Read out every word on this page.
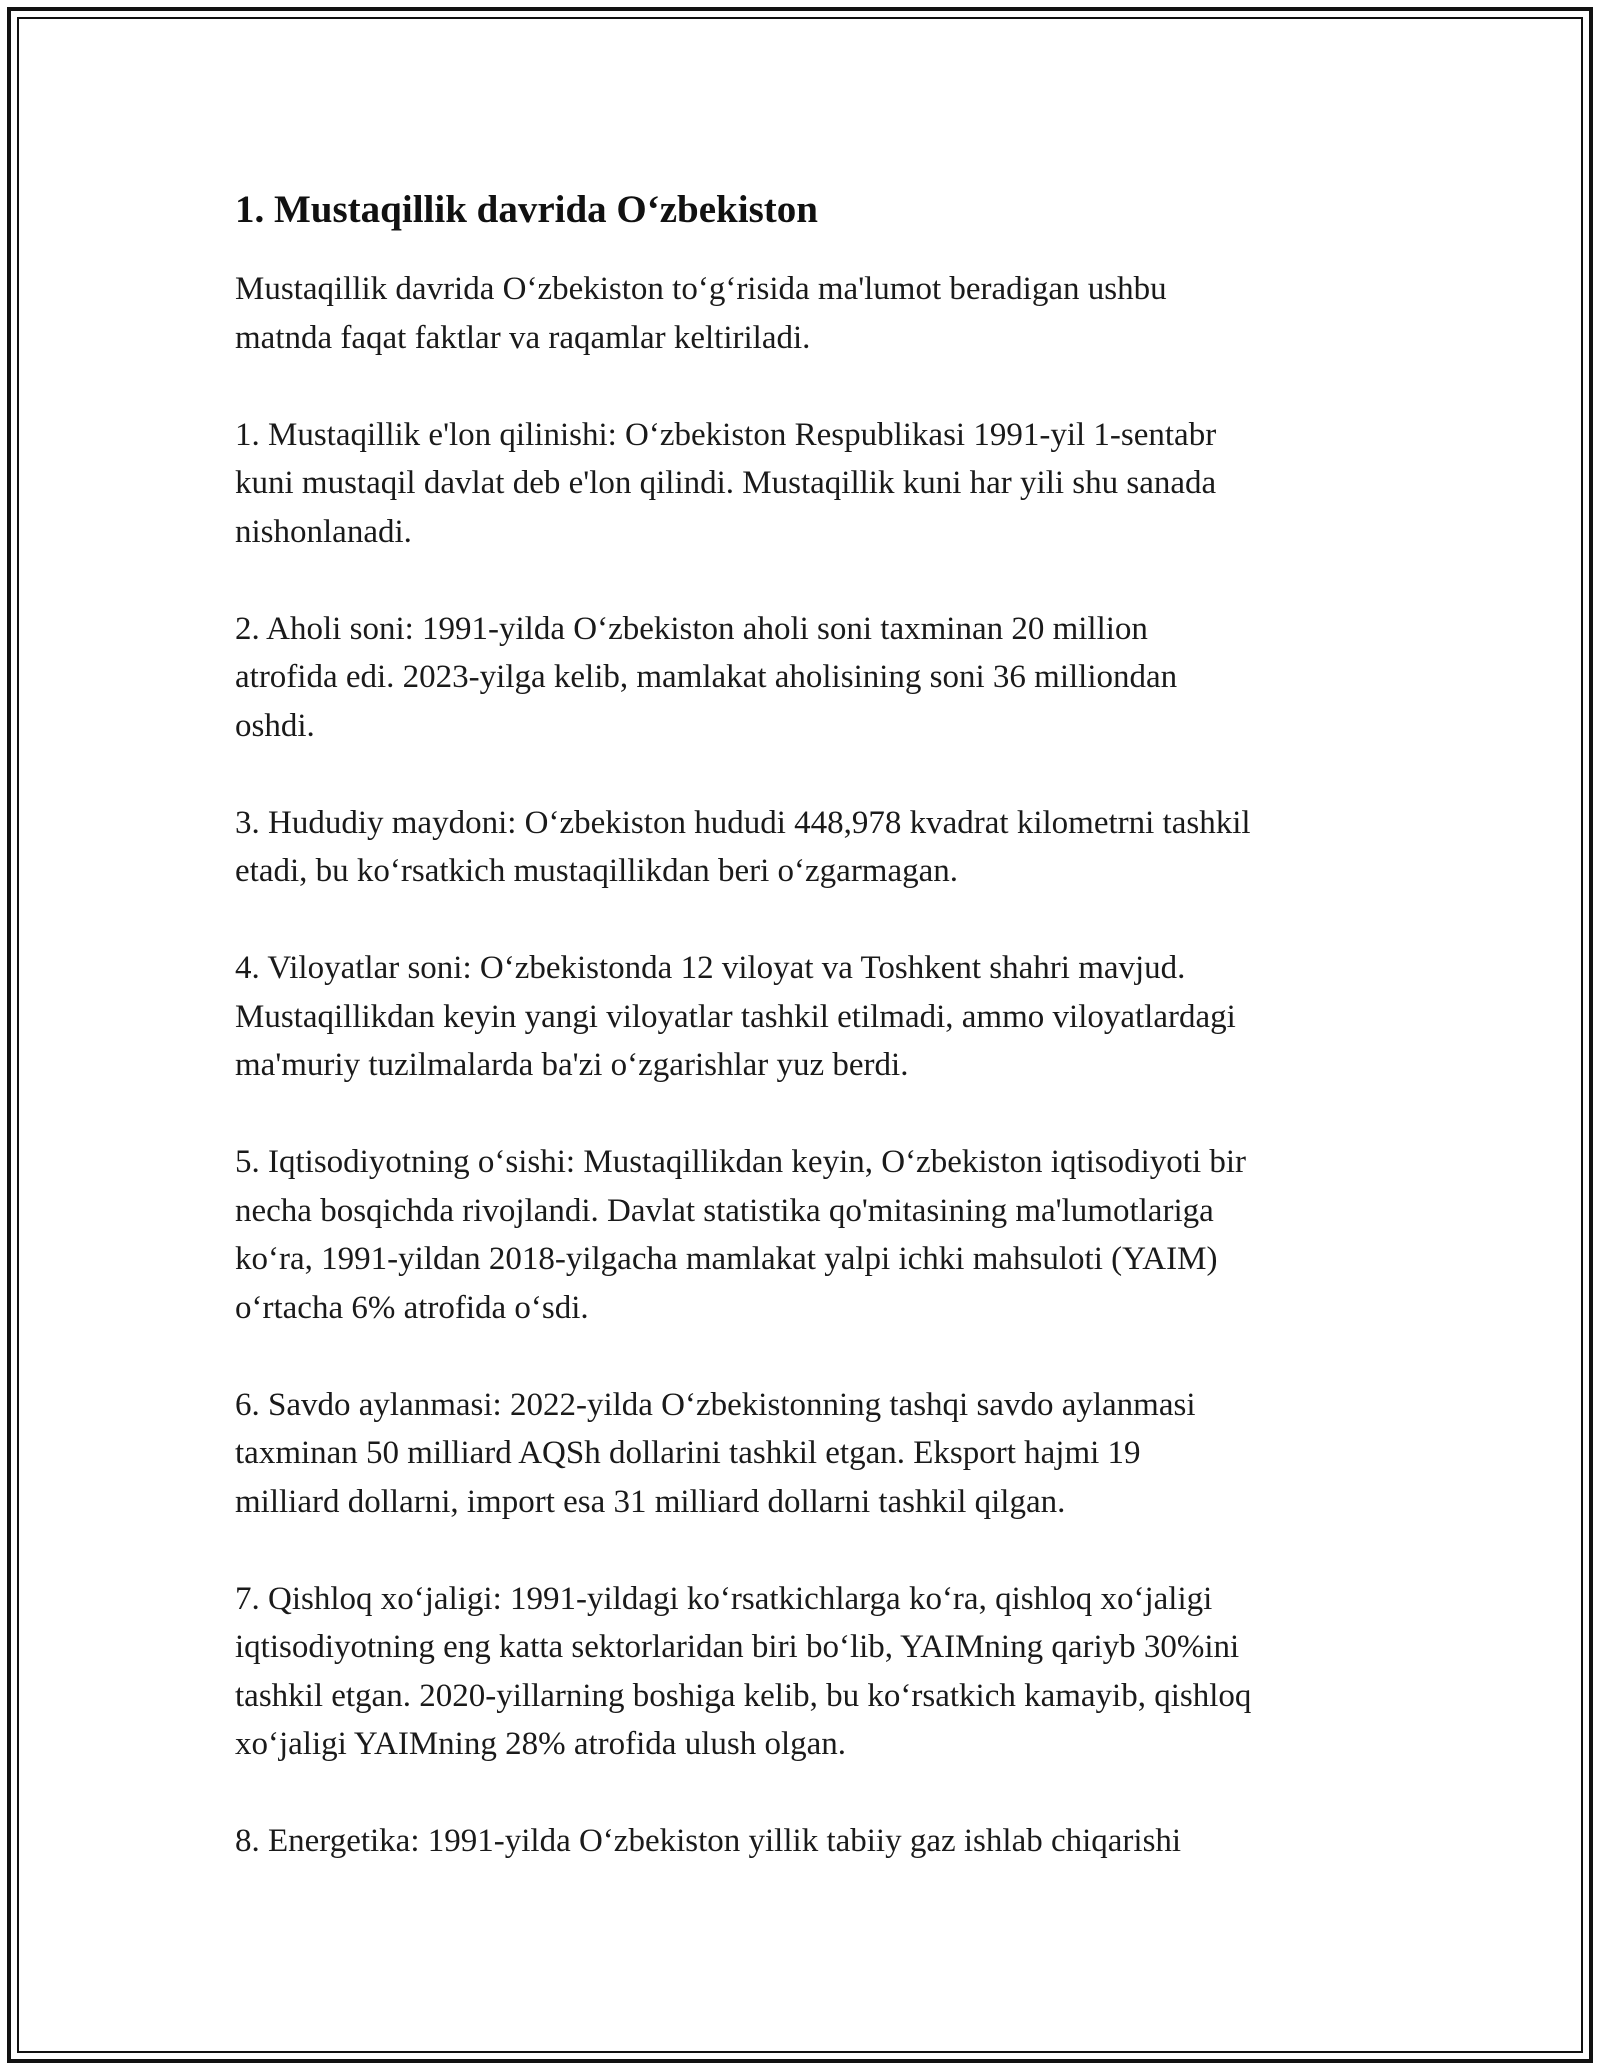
1. Mustaqillik davrida O‘zbekiston

Mustaqillik davrida O‘zbekiston to‘g‘risida ma'lumot beradigan ushbu
matnda faqat faktlar va raqamlar keltiriladi.

1. Mustaqillik e'lon qilinishi: O‘zbekiston Respublikasi 1991-yil 1-sentabr
kuni mustaqil davlat deb e'lon qilindi. Mustaqillik kuni har yili shu sanada
nishonlanadi.

2. Aholi soni: 1991-yilda O‘zbekiston aholi soni taxminan 20 million
atrofida edi. 2023-yilga kelib, mamlakat aholisining soni 36 milliondan
oshdi.

3. Hududiy maydoni: O‘zbekiston hududi 448,978 kvadrat kilometrni tashkil
etadi, bu ko‘rsatkich mustaqillikdan beri o‘zgarmagan.

4. Viloyatlar soni: O‘zbekistonda 12 viloyat va Toshkent shahri mavjud.
Mustaqillikdan keyin yangi viloyatlar tashkil etilmadi, ammo viloyatlardagi
ma'muriy tuzilmalarda ba'zi o‘zgarishlar yuz berdi.

5. Iqtisodiyotning o‘sishi: Mustaqillikdan keyin, O‘zbekiston iqtisodiyoti bir
necha bosqichda rivojlandi. Davlat statistika qo'mitasining ma'lumotlariga
ko‘ra, 1991-yildan 2018-yilgacha mamlakat yalpi ichki mahsuloti (YAIM)
o‘rtacha 6% atrofida o‘sdi.

6. Savdo aylanmasi: 2022-yilda O‘zbekistonning tashqi savdo aylanmasi
taxminan 50 milliard AQSh dollarini tashkil etgan. Eksport hajmi 19
milliard dollarni, import esa 31 milliard dollarni tashkil qilgan.

7. Qishloq xo‘jaligi: 1991-yildagi ko‘rsatkichlarga ko‘ra, qishloq xo‘jaligi
iqtisodiyotning eng katta sektorlaridan biri bo‘lib, YAIMning qariyb 30%ini
tashkil etgan. 2020-yillarning boshiga kelib, bu ko‘rsatkich kamayib, qishloq
xo‘jaligi YAIMning 28% atrofida ulush olgan.

8. Energetika: 1991-yilda O‘zbekiston yillik tabiiy gaz ishlab chiqarishi
